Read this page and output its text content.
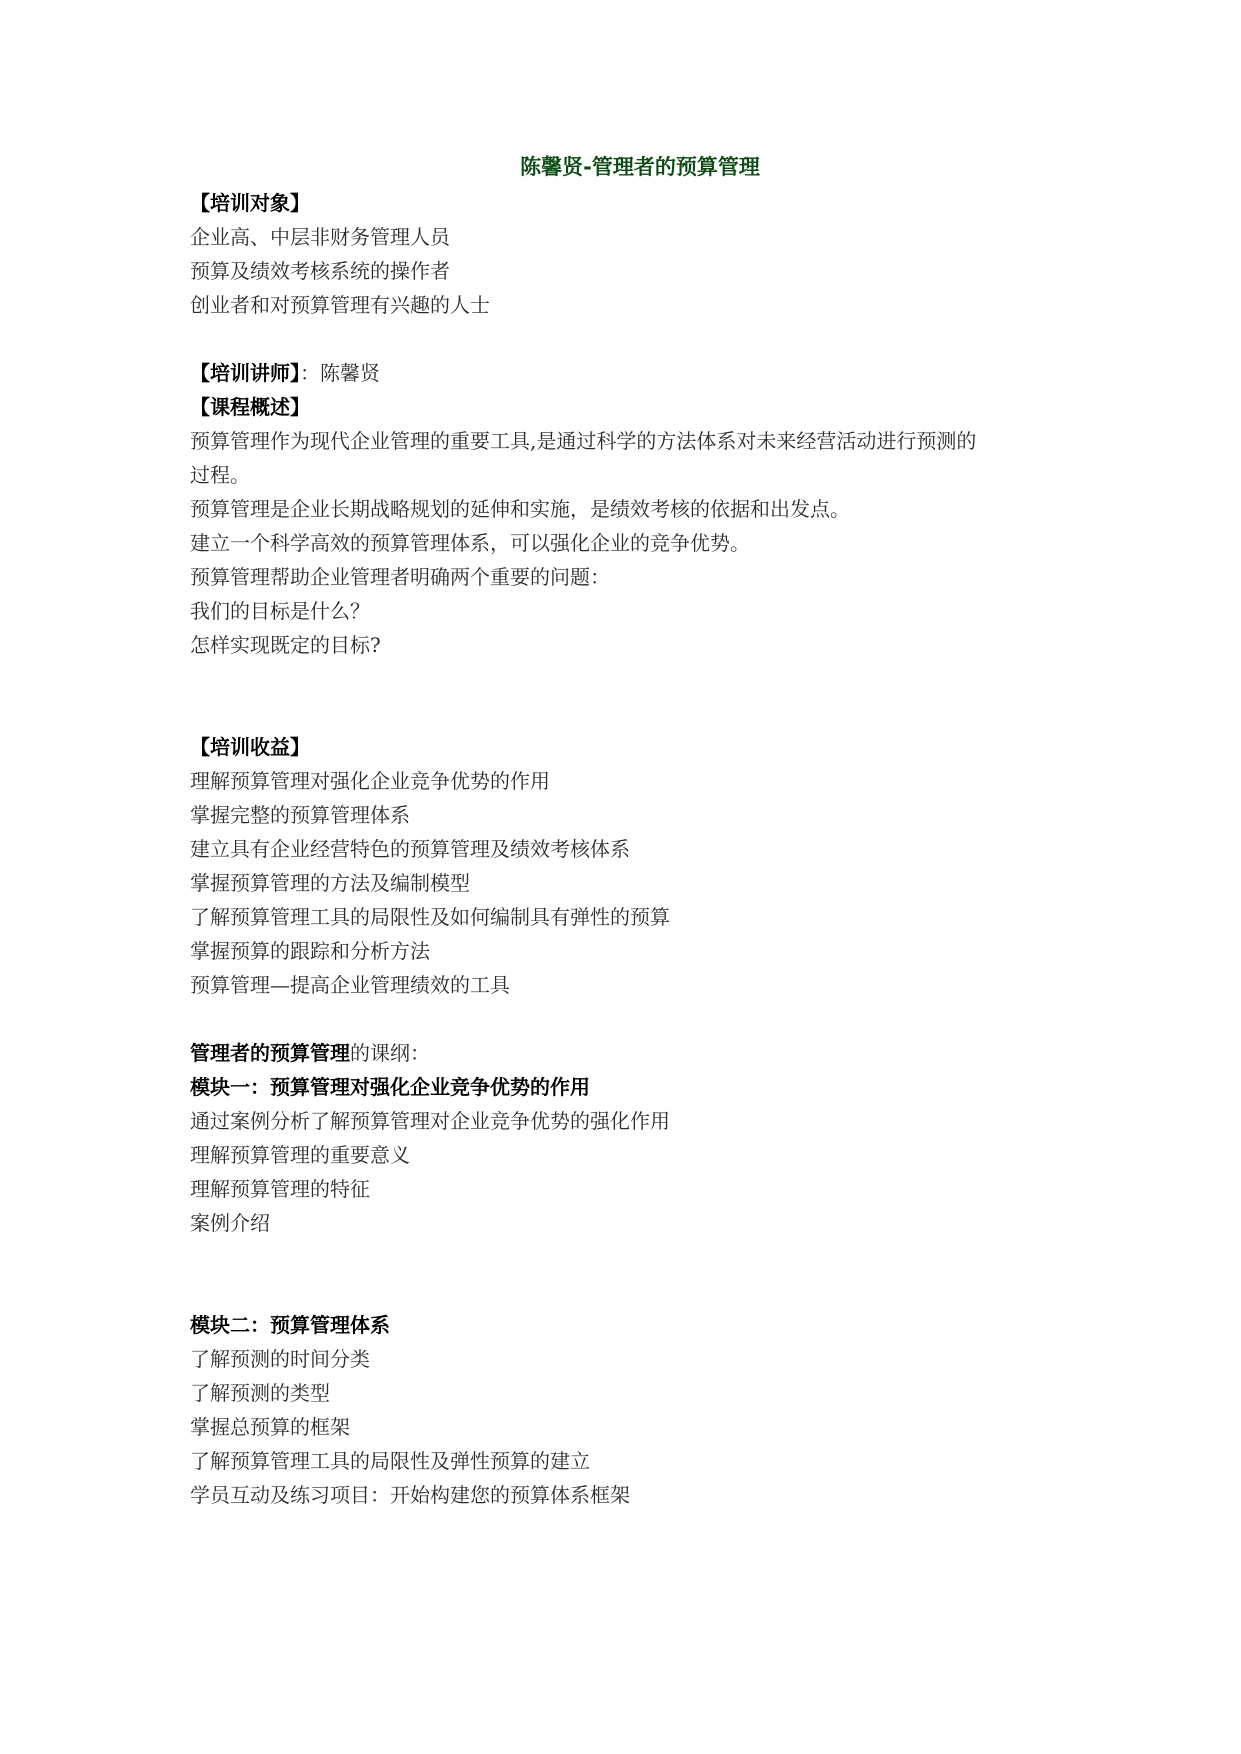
陈馨贤-管理者的预算管理
【培训对象】
企业高、中层非财务管理人员
预算及绩效考核系统的操作者
创业者和对预算管理有兴趣的人士
【培训讲师】：陈馨贤
【课程概述】
预算管理作为现代企业管理的重要工具,是通过科学的方法体系对未来经营活动进行预测的
过程。
预算管理是企业长期战略规划的延伸和实施，是绩效考核的依据和出发点。
建立一个科学高效的预算管理体系，可以强化企业的竞争优势。
预算管理帮助企业管理者明确两个重要的问题：
我们的目标是什么？
怎样实现既定的目标?
【培训收益】
理解预算管理对强化企业竞争优势的作用
掌握完整的预算管理体系
建立具有企业经营特色的预算管理及绩效考核体系
掌握预算管理的方法及编制模型
了解预算管理工具的局限性及如何编制具有弹性的预算
掌握预算的跟踪和分析方法
预算管理—提高企业管理绩效的工具
管理者的预算管理的课纲：
模块一：预算管理对强化企业竞争优势的作用
通过案例分析了解预算管理对企业竞争优势的强化作用
理解预算管理的重要意义
理解预算管理的特征
案例介绍
模块二：预算管理体系
了解预测的时间分类
了解预测的类型
掌握总预算的框架
了解预算管理工具的局限性及弹性预算的建立
学员互动及练习项目：开始构建您的预算体系框架
